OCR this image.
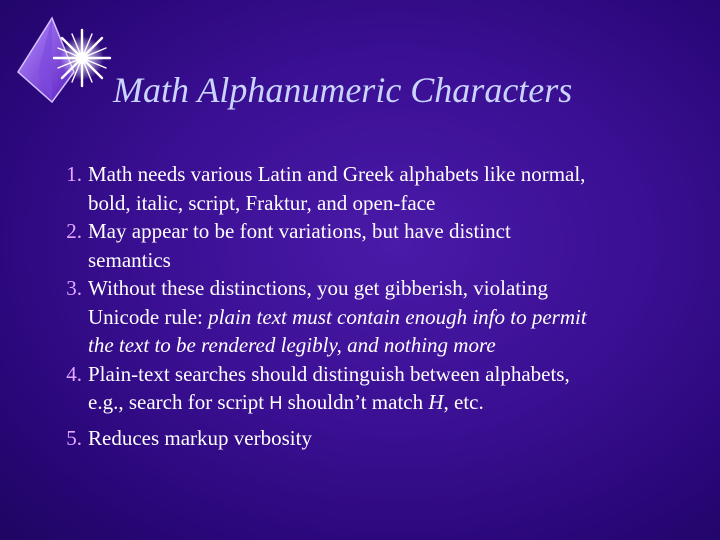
Math Alphanumeric Characters
1. Math needs various Latin and Greek alphabets like normal,
bold, italic, script, Fraktur, and open-face
2. May appear to be font variations, but have distinct
semantics
3. Without these distinctions, you get gibberish, violating
Unicode rule: plain text must contain enough info to permit
the text to be rendered legibly, and nothing more
4. Plain-text searches should distinguish between alphabets,
e.g., search for script H shouldn’t match H, etc.
5. Reduces markup verbosity
